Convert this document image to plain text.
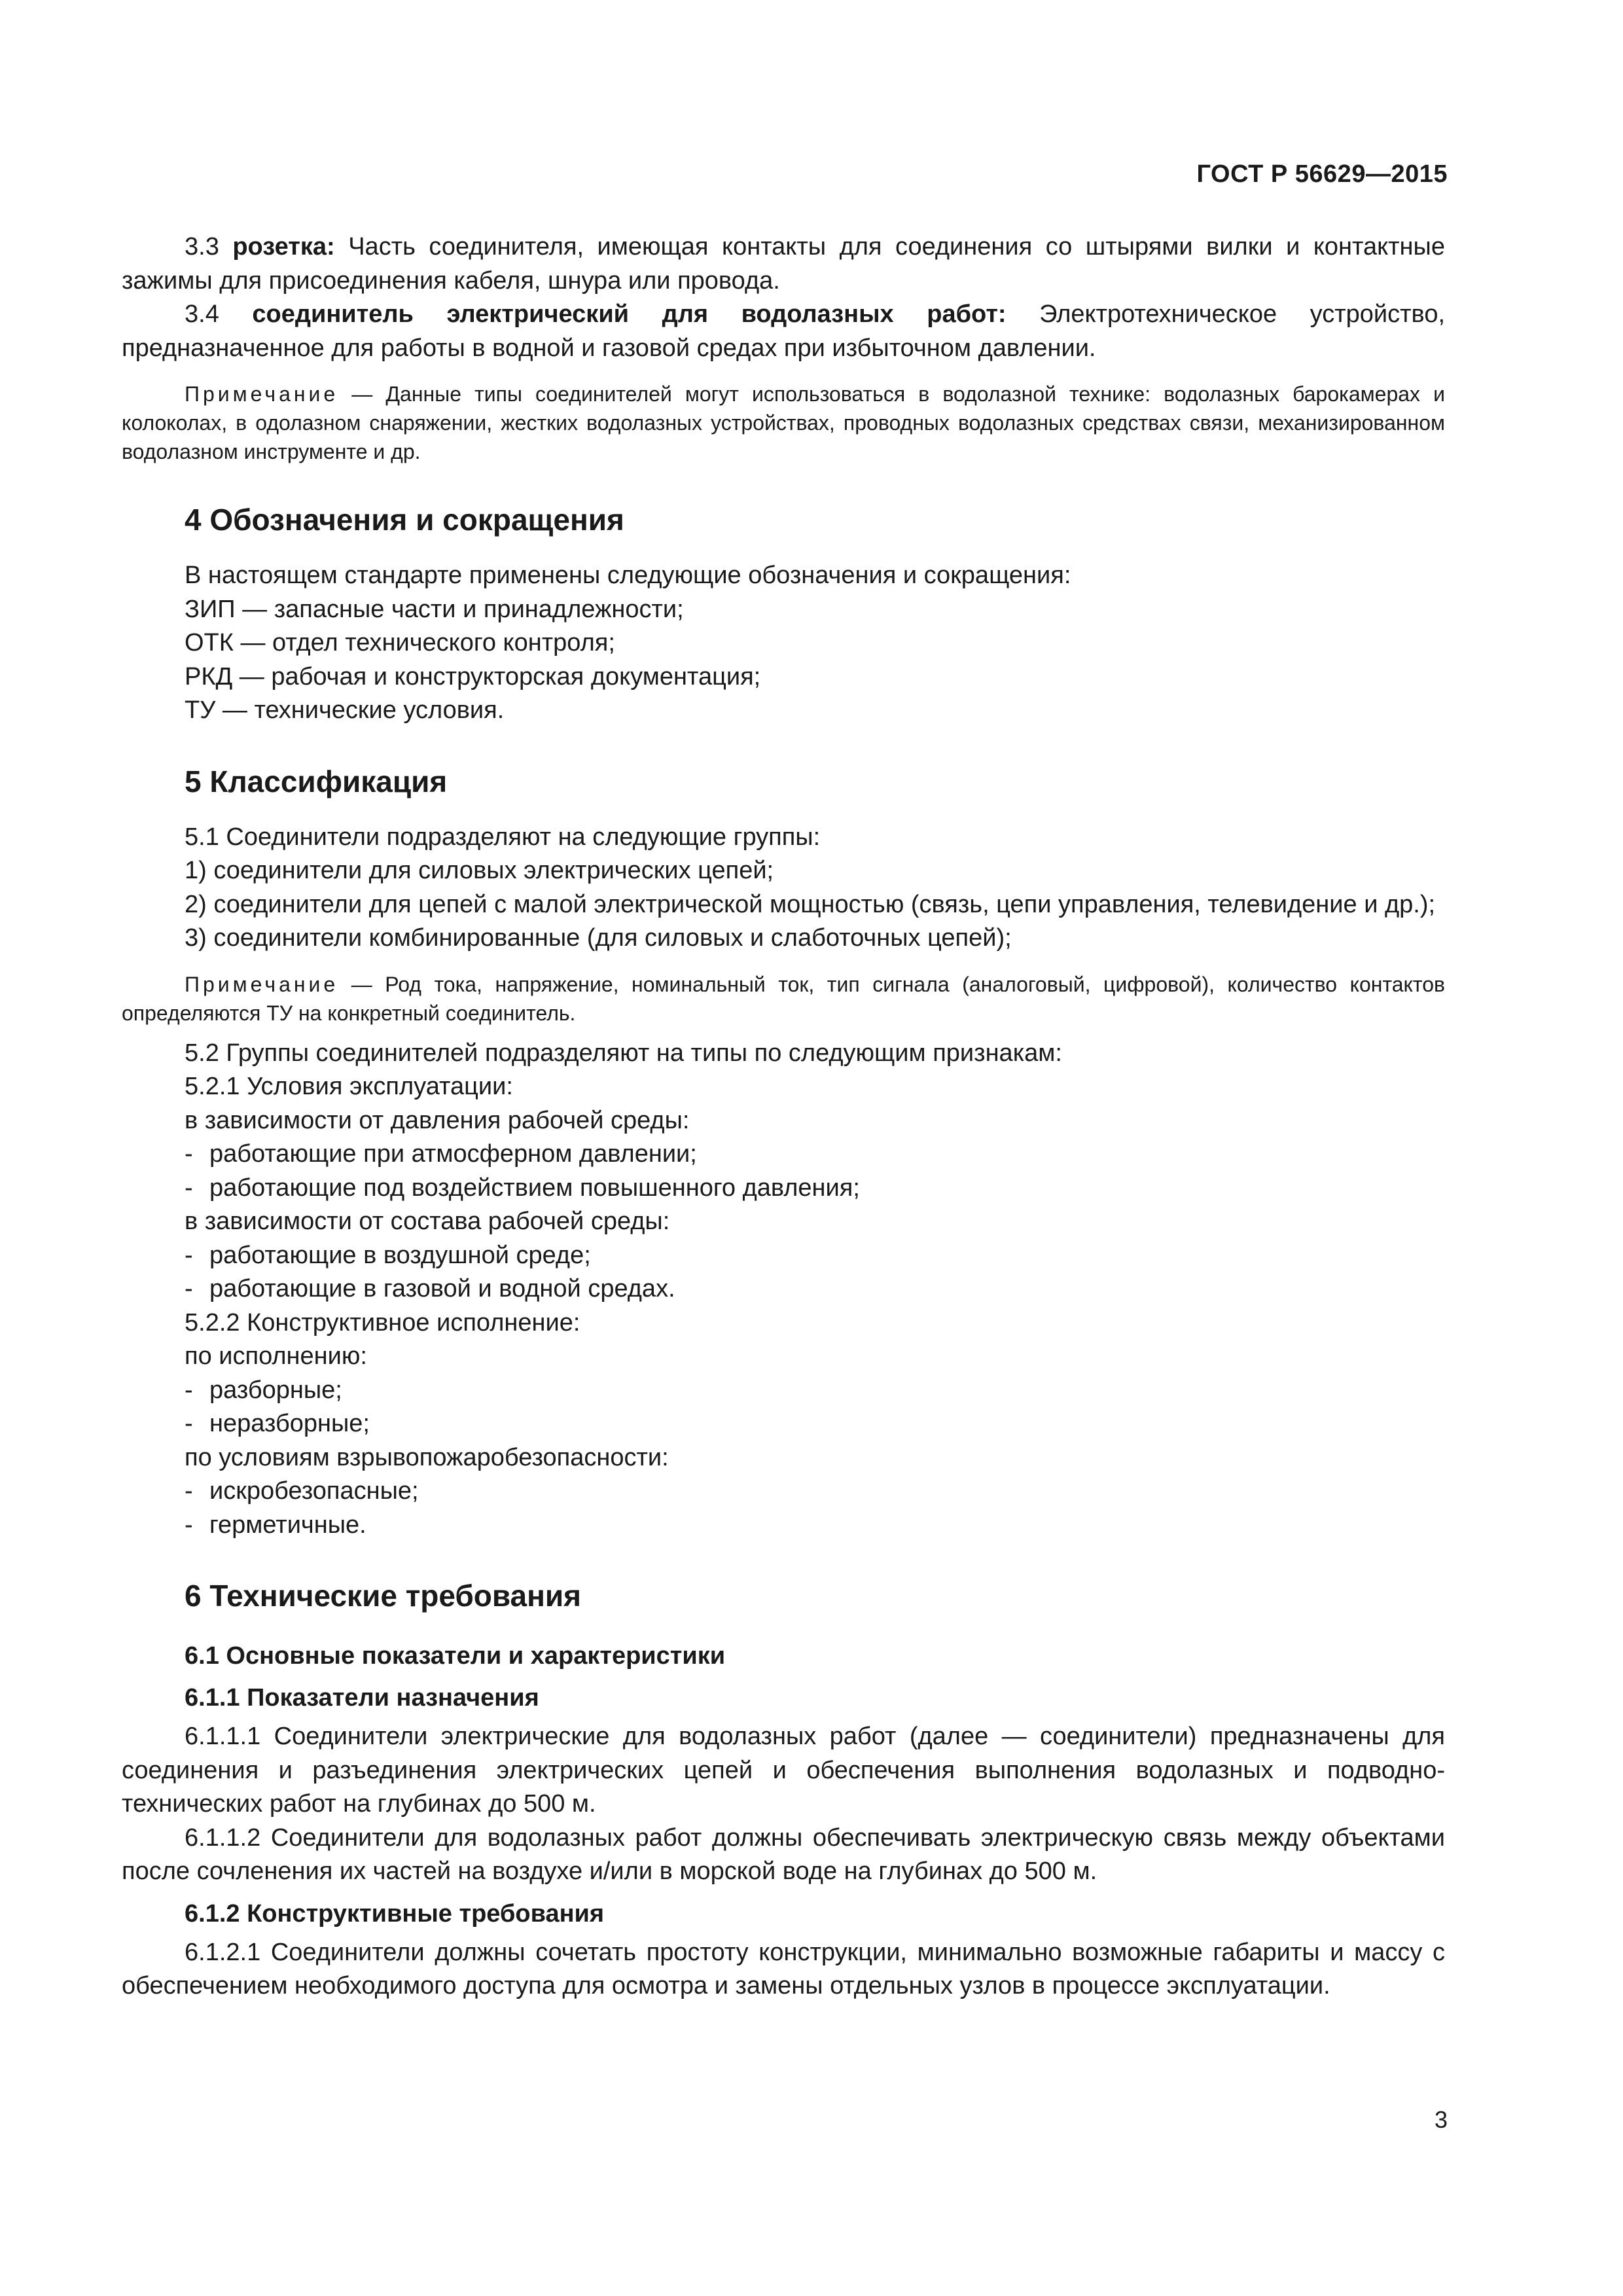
ГОСТ Р 56629—2015

3.3 розетка: Часть соединителя, имеющая контакты для соединения со штырями вилки и контактные зажимы для присоединения кабеля, шнура или провода.

3.4 соединитель электрический для водолазных работ: Электротехническое устройство, предназначенное для работы в водной и газовой средах при избыточном давлении.

Примечание — Данные типы соединителей могут использоваться в водолазной технике: водолазных барокамерах и колоколах, в одолазном снаряжении, жестких водолазных устройствах, проводных водолазных средствах связи, механизированном водолазном инструменте и др.

4 Обозначения и сокращения

В настоящем стандарте применены следующие обозначения и сокращения:

ЗИП — запасные части и принадлежности;

ОТК — отдел технического контроля;

РКД — рабочая и конструкторская документация;

ТУ — технические условия.

5 Классификация

5.1 Соединители подразделяют на следующие группы:

1) соединители для силовых электрических цепей;

2) соединители для цепей с малой электрической мощностью (связь, цепи управления, телевидение и др.);

3) соединители комбинированные (для силовых и слаботочных цепей);

Примечание — Род тока, напряжение, номинальный ток, тип сигнала (аналоговый, цифровой), количество контактов определяются ТУ на конкретный соединитель.

5.2 Группы соединителей подразделяют на типы по следующим признакам:

5.2.1 Условия эксплуатации:

в зависимости от давления рабочей среды:

- работающие при атмосферном давлении;

- работающие под воздействием повышенного давления;

в зависимости от состава рабочей среды:

- работающие в воздушной среде;

- работающие в газовой и водной средах.

5.2.2 Конструктивное исполнение:

по исполнению:

- разборные;

- неразборные;

по условиям взрывопожаробезопасности:

- искробезопасные;

- герметичные.

6 Технические требования
6.1 Основные показатели и характеристики
6.1.1 Показатели назначения

6.1.1.1 Соединители электрические для водолазных работ (далее — соединители) предназначены для соединения и разъединения электрических цепей и обеспечения выполнения водолазных и подводно-технических работ на глубинах до 500 м.

6.1.1.2 Соединители для водолазных работ должны обеспечивать электрическую связь между объектами после сочленения их частей на воздухе и/или в морской воде на глубинах до 500 м.

6.1.2 Конструктивные требования

6.1.2.1 Соединители должны сочетать простоту конструкции, минимально возможные габариты и массу с обеспечением необходимого доступа для осмотра и замены отдельных узлов в процессе эксплуатации.

3
